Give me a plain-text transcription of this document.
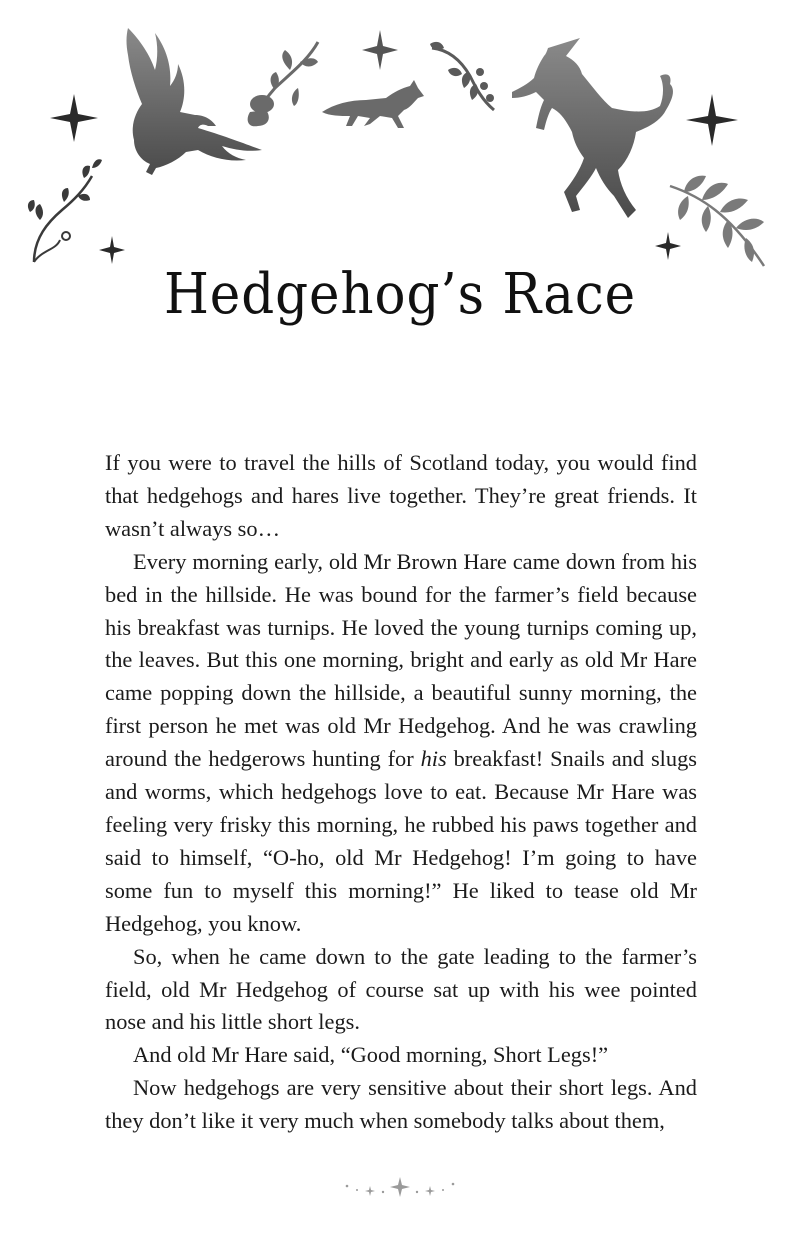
Hedgehog’s Race

If you were to travel the hills of Scotland today, you would find that hedgehogs and hares live together. They’re great friends. It wasn’t always so…

Every morning early, old Mr Brown Hare came down from his bed in the hillside. He was bound for the farmer’s field because his breakfast was turnips. He loved the young turnips coming up, the leaves. But this one morning, bright and early as old Mr Hare came popping down the hillside, a beautiful sunny morning, the first person he met was old Mr Hedgehog. And he was crawling around the hedgerows hunting for his breakfast! Snails and slugs and worms, which hedgehogs love to eat. Because Mr Hare was feeling very frisky this morning, he rubbed his paws together and said to himself, “O-ho, old Mr Hedgehog! I’m going to have some fun to myself this morning!” He liked to tease old Mr Hedgehog, you know.

So, when he came down to the gate leading to the farmer’s field, old Mr Hedgehog of course sat up with his wee pointed nose and his little short legs.

And old Mr Hare said, “Good morning, Short Legs!”

Now hedgehogs are very sensitive about their short legs. And they don’t like it very much when somebody talks about them,
